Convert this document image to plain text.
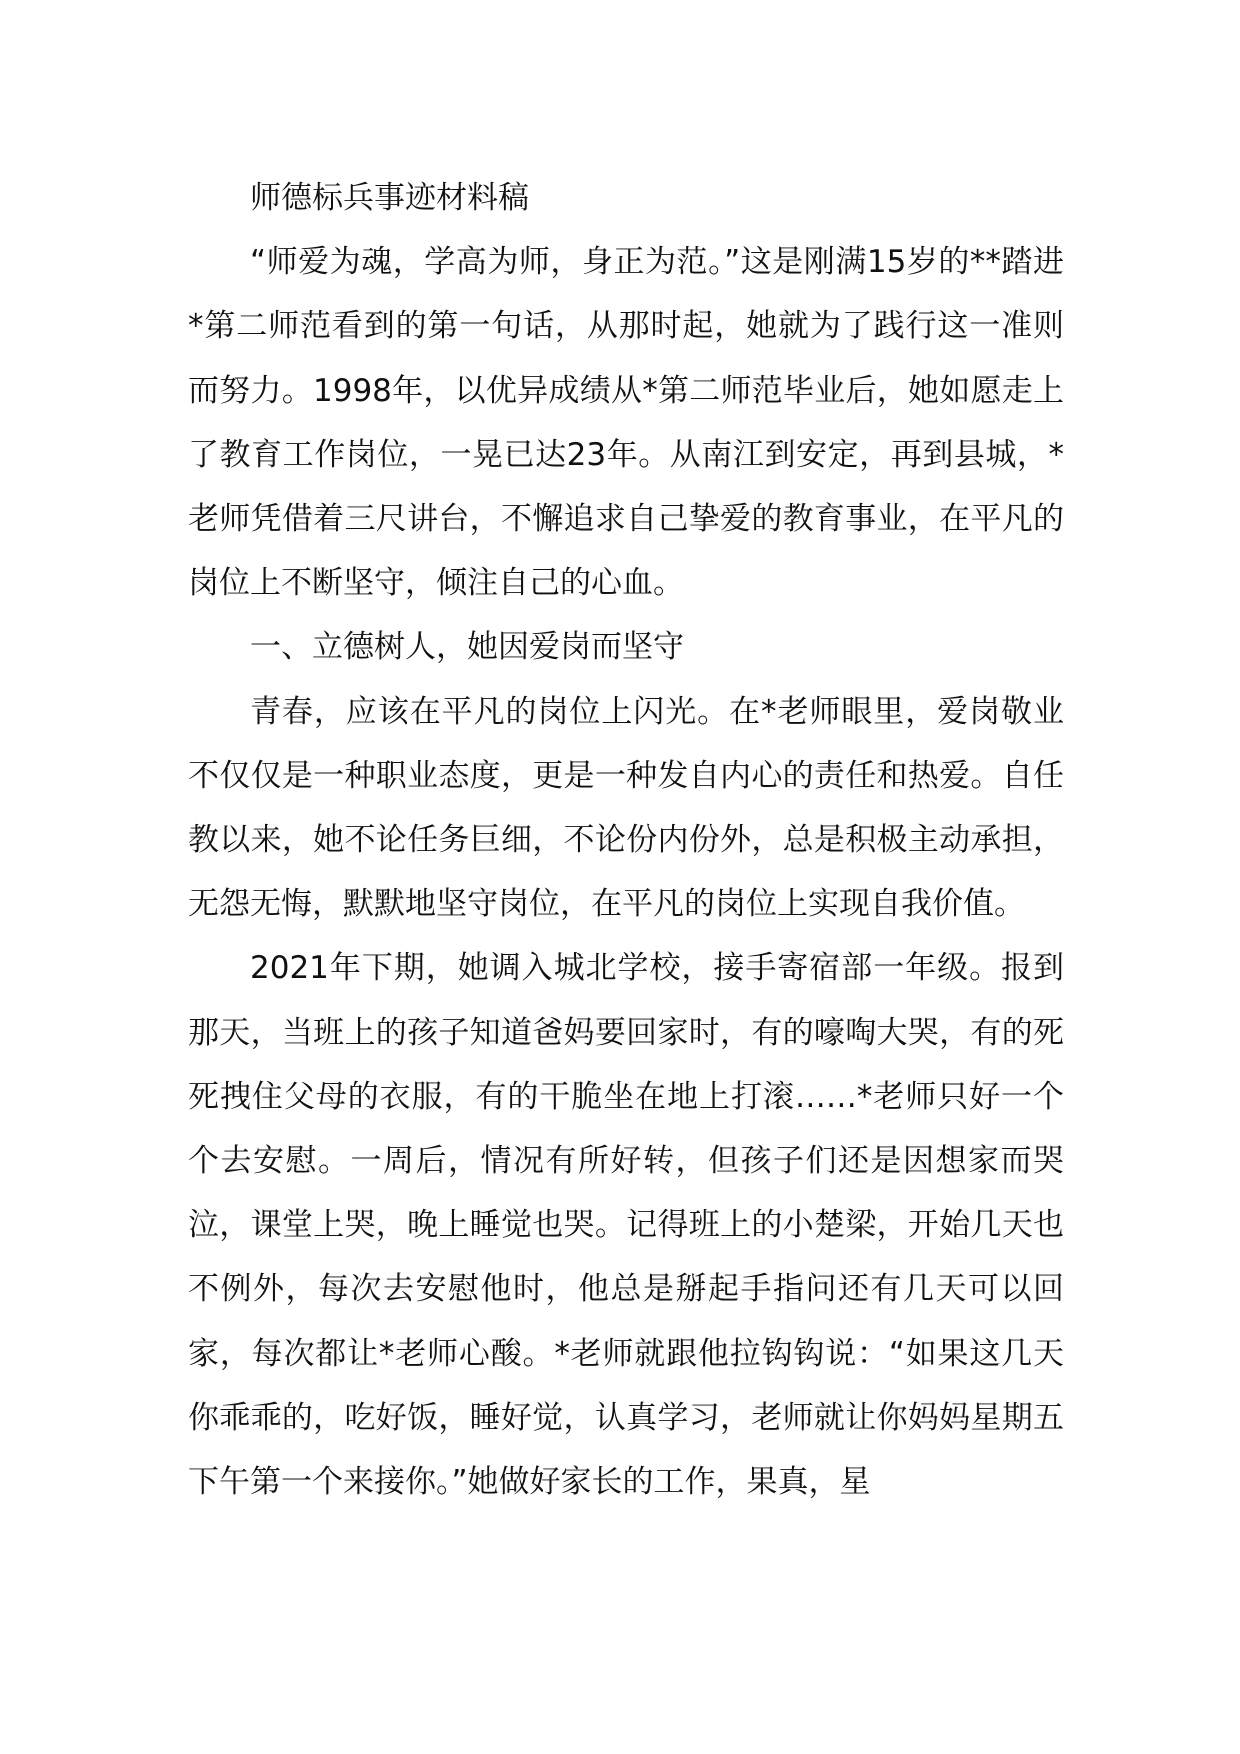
师德标兵事迹材料稿

“师爱为魂，学高为师，身正为范。”这是刚满15岁的**踏进*第二师范看到的第一句话，从那时起，她就为了践行这一准则而努力。1998年，以优异成绩从*第二师范毕业后，她如愿走上了教育工作岗位，一晃已达23年。从南江到安定，再到县城，*老师凭借着三尺讲台，不懈追求自己挚爱的教育事业，在平凡的岗位上不断坚守，倾注自己的心血。

一、立德树人，她因爱岗而坚守

青春，应该在平凡的岗位上闪光。在*老师眼里，爱岗敬业不仅仅是一种职业态度，更是一种发自内心的责任和热爱。自任教以来，她不论任务巨细，不论份内份外，总是积极主动承担，无怨无悔，默默地坚守岗位，在平凡的岗位上实现自我价值。

2021年下期，她调入城北学校，接手寄宿部一年级。报到那天，当班上的孩子知道爸妈要回家时，有的嚎啕大哭，有的死死拽住父母的衣服，有的干脆坐在地上打滚……*老师只好一个个去安慰。一周后，情况有所好转，但孩子们还是因想家而哭泣，课堂上哭，晚上睡觉也哭。记得班上的小楚梁，开始几天也不例外，每次去安慰他时，他总是掰起手指问还有几天可以回家，每次都让*老师心酸。*老师就跟他拉钩钩说：“如果这几天你乖乖的，吃好饭，睡好觉，认真学习，老师就让你妈妈星期五下午第一个来接你。”她做好家长的工作，果真，星
